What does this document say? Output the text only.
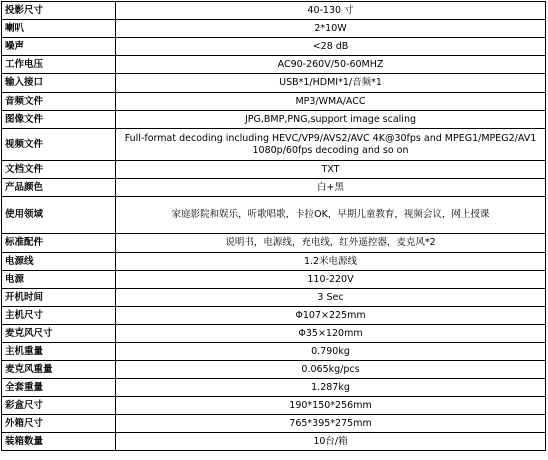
投影尺寸	40-130 寸
喇叭	2*10W
噪声	<28 dB
工作电压	AC90-260V/50-60MHZ
输入接口	USB*1/HDMI*1/音频*1
音频文件	MP3/WMA/ACC
图像文件	JPG,BMP,PNG,support image scaling
视频文件	Full-format decoding including HEVC/VP9/AVS2/AVC 4K@30fps and MPEG1/MPEG2/AV1 1080p/60fps decoding and so on
文档文件	TXT
产品颜色	白+黑
使用领域	家庭影院和娱乐，听歌唱歌，卡拉OK，早期儿童教育，视频会议，网上授课
标准配件	说明书，电源线，充电线，红外遥控器，麦克风*2
电源线	1.2米电源线
电源	110-220V
开机时间	3 Sec
主机尺寸	Φ107×225mm
麦克风尺寸	Φ35×120mm
主机重量	0.790kg
麦克风重量	0.065kg/pcs
全套重量	1.287kg
彩盒尺寸	190*150*256mm
外箱尺寸	765*395*275mm
装箱数量	10台/箱
